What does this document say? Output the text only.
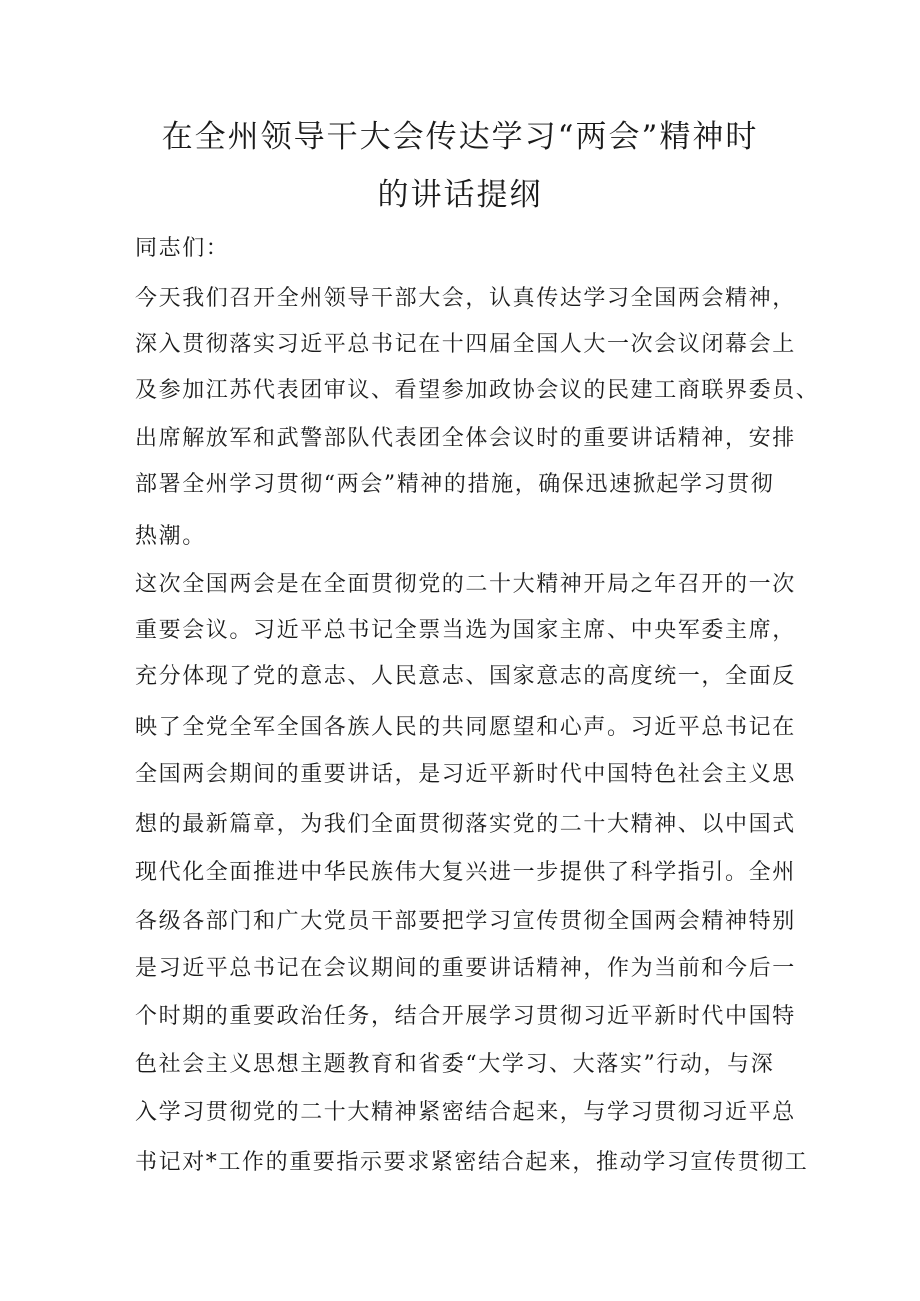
在全州领导干大会传达学习“两会”精神时
的讲话提纲
同志们：
今天我们召开全州领导干部大会，认真传达学习全国两会精神，
深入贯彻落实习近平总书记在十四届全国人大一次会议闭幕会上
及参加江苏代表团审议、看望参加政协会议的民建工商联界委员、
出席解放军和武警部队代表团全体会议时的重要讲话精神，安排
部署全州学习贯彻“两会”精神的措施，确保迅速掀起学习贯彻
热潮。
这次全国两会是在全面贯彻党的二十大精神开局之年召开的一次
重要会议。习近平总书记全票当选为国家主席、中央军委主席，
充分体现了党的意志、人民意志、国家意志的高度统一，全面反
映了全党全军全国各族人民的共同愿望和心声。习近平总书记在
全国两会期间的重要讲话，是习近平新时代中国特色社会主义思
想的最新篇章，为我们全面贯彻落实党的二十大精神、以中国式
现代化全面推进中华民族伟大复兴进一步提供了科学指引。全州
各级各部门和广大党员干部要把学习宣传贯彻全国两会精神特别
是习近平总书记在会议期间的重要讲话精神，作为当前和今后一
个时期的重要政治任务，结合开展学习贯彻习近平新时代中国特
色社会主义思想主题教育和省委“大学习、大落实”行动，与深
入学习贯彻党的二十大精神紧密结合起来，与学习贯彻习近平总
书记对*工作的重要指示要求紧密结合起来，推动学习宣传贯彻工
